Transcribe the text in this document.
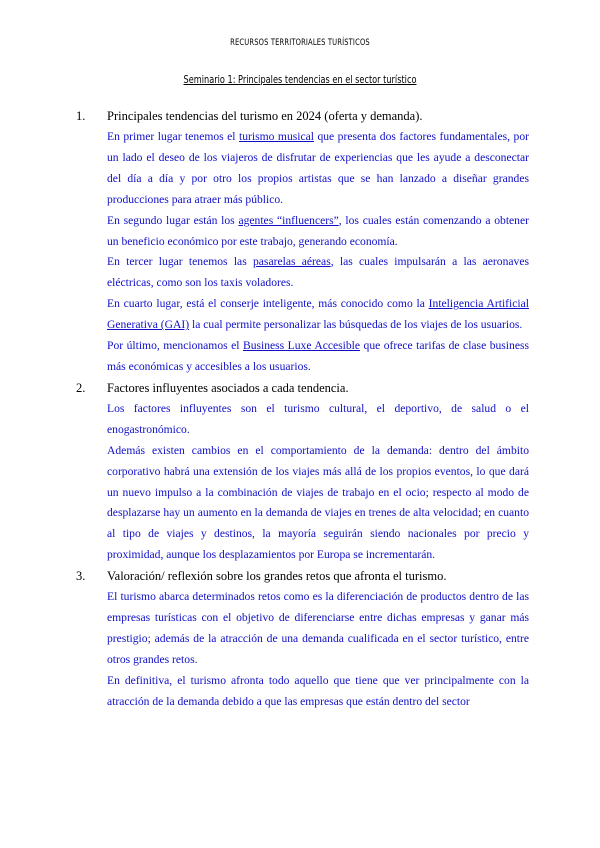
RECURSOS TERRITORIALES TURÍSTICOS
Seminario 1: Principales tendencias en el sector turístico
1.	Principales tendencias del turismo en 2024 (oferta y demanda).

En primer lugar tenemos el turismo musical que presenta dos factores fundamentales, por un lado el deseo de los viajeros de disfrutar de experiencias que les ayude a desconectar del día a día y por otro los propios artistas que se han lanzado a diseñar grandes producciones para atraer más público.

En segundo lugar están los agentes “influencers”, los cuales están comenzando a obtener un beneficio económico por este trabajo, generando economía.

En tercer lugar tenemos las pasarelas aéreas, las cuales impulsarán a las aeronaves eléctricas, como son los taxis voladores.

En cuarto lugar, está el conserje inteligente, más conocido como la Inteligencia Artificial Generativa (GAI) la cual permite personalizar las búsquedas de los viajes de los usuarios.

Por último, mencionamos el Business Luxe Accesible que ofrece tarifas de clase business más económicas y accesibles a los usuarios.

2.	Factores influyentes asociados a cada tendencia.

Los factores influyentes son el turismo cultural, el deportivo, de salud o el enogastronómico.

Además existen cambios en el comportamiento de la demanda: dentro del ámbito corporativo habrá una extensión de los viajes más allá de los propios eventos, lo que dará un nuevo impulso a la combinación de viajes de trabajo en el ocio; respecto al modo de desplazarse hay un aumento en la demanda de viajes en trenes de alta velocidad; en cuanto al tipo de viajes y destinos, la mayoría seguirán siendo nacionales por precio y proximidad, aunque los desplazamientos por Europa se incrementarán.

3.	Valoración/ reflexión sobre los grandes retos que afronta el turismo.

El turismo abarca determinados retos como es la diferenciación de productos dentro de las empresas turísticas con el objetivo de diferenciarse entre dichas empresas y ganar más prestigio; además de la atracción de una demanda cualificada en el sector turístico, entre otros grandes retos.

En definitiva, el turismo afronta todo aquello que tiene que ver principalmente con la atracción de la demanda debido a que las empresas que están dentro del sector
